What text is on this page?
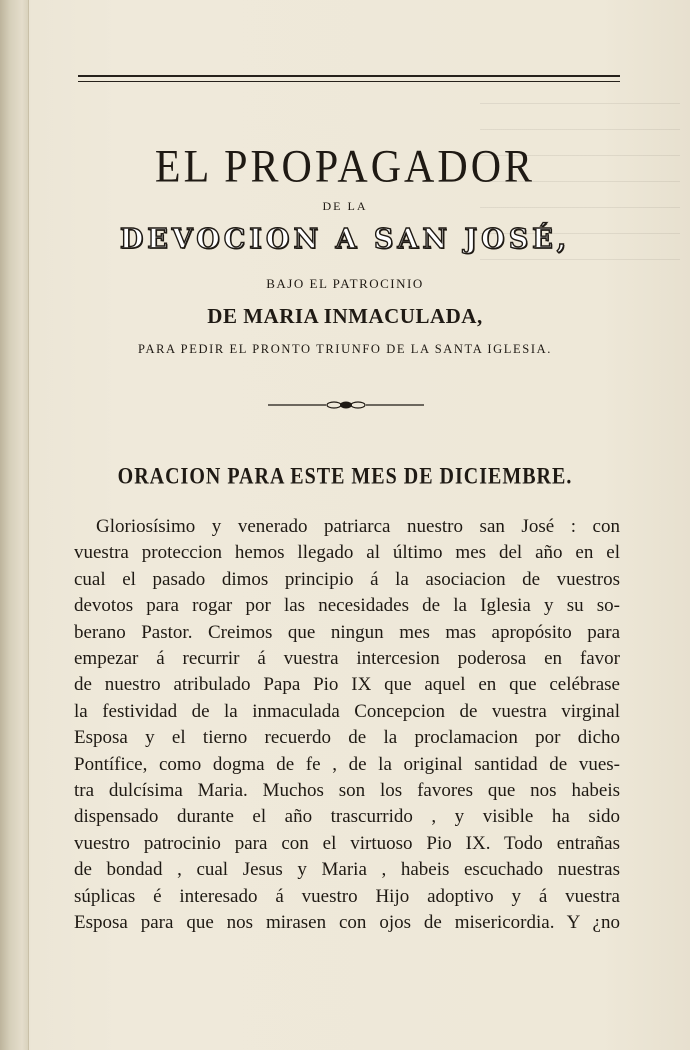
EL PROPAGADOR
DE LA
DEVOCION A SAN JOSÉ,
BAJO EL PATROCINIO
DE MARIA INMACULADA,
PARA PEDIR EL PRONTO TRIUNFO DE LA SANTA IGLESIA.
ORACION PARA ESTE MES DE DICIEMBRE.
Gloriosísimo y venerado patriarca nuestro san José : con
vuestra proteccion hemos llegado al último mes del año en el
cual el pasado dimos principio á la asociacion de vuestros
devotos para rogar por las necesidades de la Iglesia y su so-
berano Pastor. Creimos que ningun mes mas apropósito para
empezar á recurrir á vuestra intercesion poderosa en favor
de nuestro atribulado Papa Pio IX que aquel en que celébrase
la festividad de la inmaculada Concepcion de vuestra virginal
Esposa y el tierno recuerdo de la proclamacion por dicho
Pontífice, como dogma de fe , de la original santidad de vues-
tra dulcísima Maria. Muchos son los favores que nos habeis
dispensado durante el año trascurrido , y visible ha sido
vuestro patrocinio para con el virtuoso Pio IX. Todo entrañas
de bondad , cual Jesus y Maria , habeis escuchado nuestras
súplicas é interesado á vuestro Hijo adoptivo y á vuestra
Esposa para que nos mirasen con ojos de misericordia. Y ¿no
